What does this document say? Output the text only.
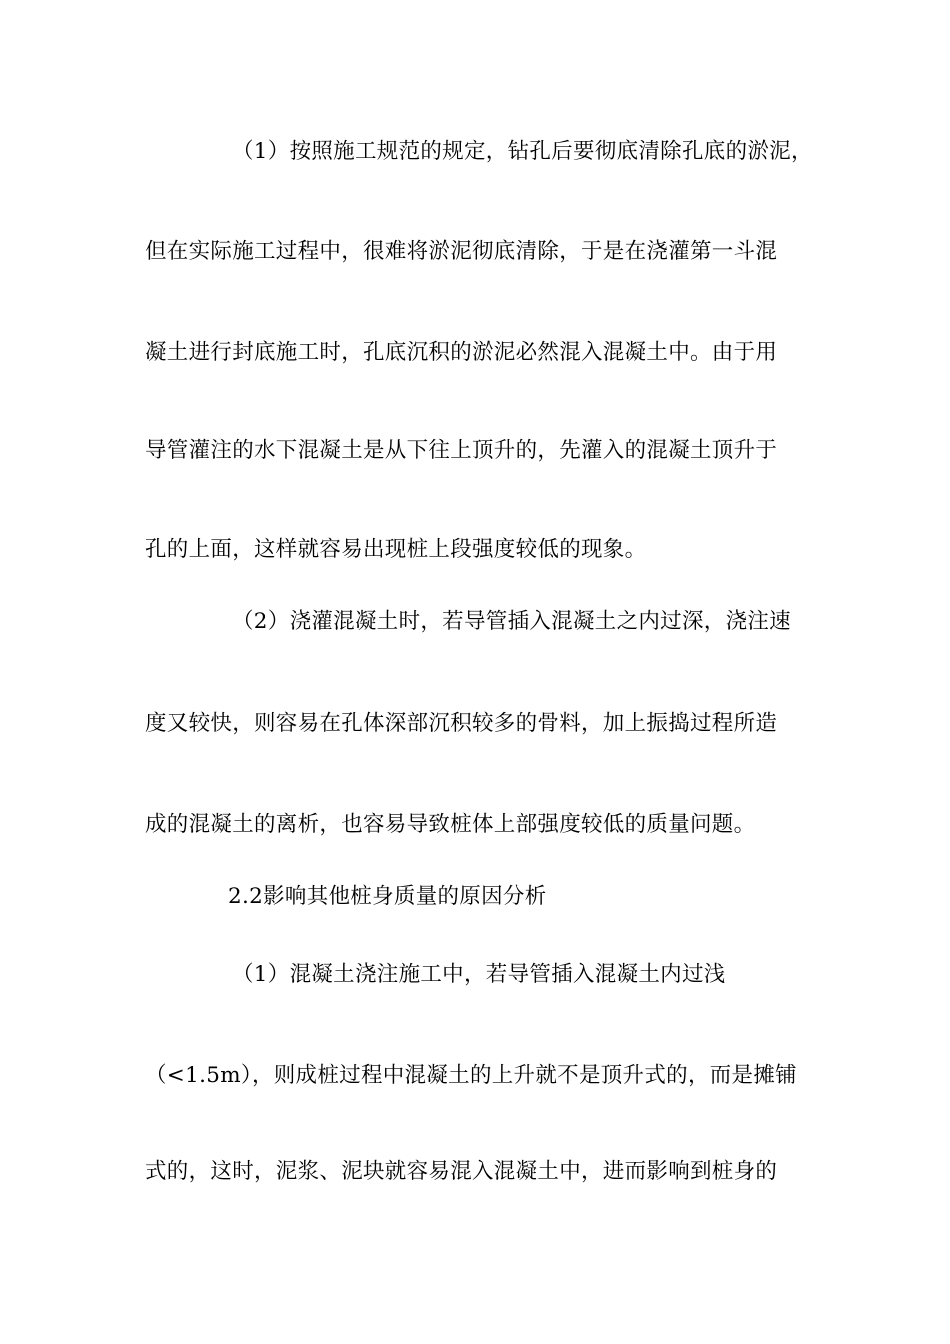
（1）按照施工规范的规定，钻孔后要彻底清除孔底的淤泥，
但在实际施工过程中，很难将淤泥彻底清除，于是在浇灌第一斗混
凝土进行封底施工时，孔底沉积的淤泥必然混入混凝土中。由于用
导管灌注的水下混凝土是从下往上顶升的，先灌入的混凝土顶升于
孔的上面，这样就容易出现桩上段强度较低的现象。
（2）浇灌混凝土时，若导管插入混凝土之内过深，浇注速
度又较快，则容易在孔体深部沉积较多的骨料，加上振捣过程所造
成的混凝土的离析，也容易导致桩体上部强度较低的质量问题。
2.2影响其他桩身质量的原因分析
（1）混凝土浇注施工中，若导管插入混凝土内过浅
（<1.5m），则成桩过程中混凝土的上升就不是顶升式的，而是摊铺
式的，这时，泥浆、泥块就容易混入混凝土中，进而影响到桩身的
